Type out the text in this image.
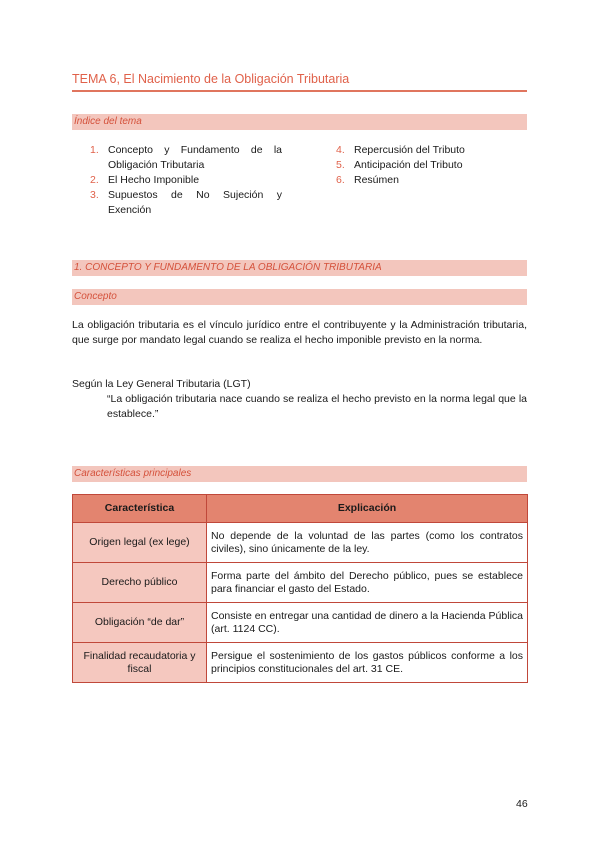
TEMA 6, El Nacimiento de la Obligación Tributaria
Índice del tema
1. Concepto y Fundamento de la Obligación Tributaria
2. El Hecho Imponible
3. Supuestos de No Sujeción y Exención
4. Repercusión del Tributo
5. Anticipación del Tributo
6. Resúmen
1. CONCEPTO Y FUNDAMENTO DE LA OBLIGACIÓN TRIBUTARIA
Concepto
La obligación tributaria es el vínculo jurídico entre el contribuyente y la Administración tributaria, que surge por mandato legal cuando se realiza el hecho imponible previsto en la norma.
Según la Ley General Tributaria (LGT)
“La obligación tributaria nace cuando se realiza el hecho previsto en la norma legal que la establece.”
Características principales
Característica	Explicación
Origen legal (ex lege)	No depende de la voluntad de las partes (como los contratos civiles), sino únicamente de la ley.
Derecho público	Forma parte del ámbito del Derecho público, pues se establece para financiar el gasto del Estado.
Obligación “de dar”	Consiste en entregar una cantidad de dinero a la Hacienda Pública (art. 1124 CC).
Finalidad recaudatoria y fiscal	Persigue el sostenimiento de los gastos públicos conforme a los principios constitucionales del art. 31 CE.
46
